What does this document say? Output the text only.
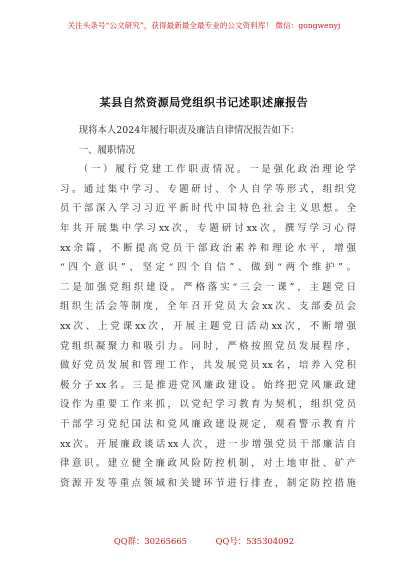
关注头条号“公文研究”，获得最新最全最专业的公文资料库！ 微信：gongwenyj
某县自然资源局党组织书记述职述廉报告
现将本人2024年履行职责及廉洁自律情况报告如下：
一、履职情况
（一）履行党建工作职责情况。一是强化政治理论学
习。通过集中学习、专题研讨、个人自学等形式，组织党
员干部深入学习习近平新时代中国特色社会主义思想。全
年共开展集中学习xx次，专题研讨xx次，撰写学习心得
xx余篇，不断提高党员干部政治素养和理论水平，增强
“四个意识”、坚定“四个自信”、做到“两个维护”。
二是加强党组织建设。严格落实“三会一课”，主题党日
组织生活会等制度，全年召开党员大会xx次、支部委员会
xx次、上党课xx次，开展主题党日活动xx次，不断增强
党组织凝聚力和吸引力。同时，严格按照党员发展程序，
做好党员发展和管理工作，共发展党员xx名，培养入党积
极分子xx名。三是推进党风廉政建设。始终把党风廉政建
设作为重要工作来抓，以党纪学习教育为契机，组织党员
干部学习党纪国法和党风廉政建设规定，观看警示教育片
xx次。开展廉政谈话xx人次，进一步增强党员干部廉洁自
律意识。建立健全廉政风险防控机制，对土地审批、矿产
资源开发等重点领域和关键环节进行排查，制定防控措施
QQ群：30265665	QQ号：535304092
